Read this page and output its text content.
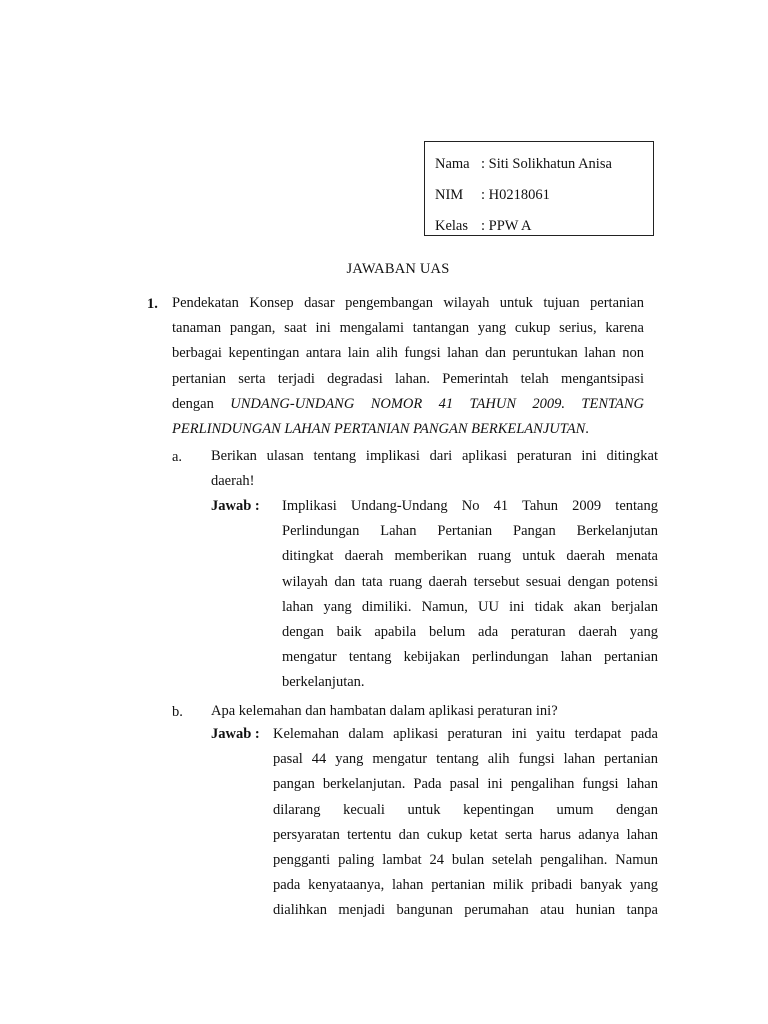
Nama : Siti Solikhatun Anisa
NIM : H0218061
Kelas : PPW A
JAWABAN UAS
1. Pendekatan Konsep dasar pengembangan wilayah untuk tujuan pertanian
tanaman pangan, saat ini mengalami tantangan yang cukup serius, karena
berbagai kepentingan antara lain alih fungsi lahan dan peruntukan lahan non
pertanian serta terjadi degradasi lahan. Pemerintah telah mengantsipasi
dengan UNDANG-UNDANG NOMOR 41 TAHUN 2009. TENTANG
PERLINDUNGAN LAHAN PERTANIAN PANGAN BERKELANJUTAN.
a. Berikan ulasan tentang implikasi dari aplikasi peraturan ini ditingkat
daerah!
Jawab : Implikasi Undang-Undang No 41 Tahun 2009 tentang
Perlindungan Lahan Pertanian Pangan Berkelanjutan
ditingkat daerah memberikan ruang untuk daerah menata
wilayah dan tata ruang daerah tersebut sesuai dengan potensi
lahan yang dimiliki. Namun, UU ini tidak akan berjalan
dengan baik apabila belum ada peraturan daerah yang
mengatur tentang kebijakan perlindungan lahan pertanian
berkelanjutan.
b. Apa kelemahan dan hambatan dalam aplikasi peraturan ini?
Jawab : Kelemahan dalam aplikasi peraturan ini yaitu terdapat pada
pasal 44 yang mengatur tentang alih fungsi lahan pertanian
pangan berkelanjutan. Pada pasal ini pengalihan fungsi lahan
dilarang kecuali untuk kepentingan umum dengan
persyaratan tertentu dan cukup ketat serta harus adanya lahan
pengganti paling lambat 24 bulan setelah pengalihan. Namun
pada kenyataanya, lahan pertanian milik pribadi banyak yang
dialihkan menjadi bangunan perumahan atau hunian tanpa
